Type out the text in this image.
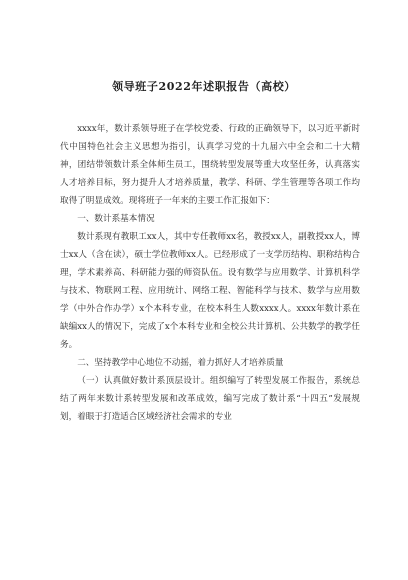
领导班子2022年述职报告（高校）

xxxx年，数计系领导班子在学校党委、行政的正确领导下，以习近平新时代中国特色社会主义思想为指引，认真学习党的十九届六中全会和二十大精神，团结带领数计系全体师生员工，围绕转型发展等重大攻坚任务，认真落实人才培养目标，努力提升人才培养质量，教学、科研、学生管理等各项工作均取得了明显成效。现将班子一年来的主要工作汇报如下：

一、数计系基本情况

数计系现有教职工xx人，其中专任教师xx名，教授xx人，副教授xx人，博士xx人（含在读），硕士学位教师xx人。已经形成了一支学历结构、职称结构合理，学术素养高、科研能力强的师资队伍。设有数学与应用数学、计算机科学与技术、物联网工程、应用统计、网络工程、智能科学与技术、数学与应用数学（中外合作办学）x个本科专业，在校本科生人数xxxx人。xxxx年数计系在缺编xx人的情况下，完成了x个本科专业和全校公共计算机、公共数学的教学任务。

二、坚持教学中心地位不动摇，着力抓好人才培养质量

（一）认真做好数计系顶层设计。组织编写了转型发展工作报告，系统总结了两年来数计系转型发展和改革成效，编写完成了数计系“十四五”发展规划，着眼于打造适合区域经济社会需求的专业
